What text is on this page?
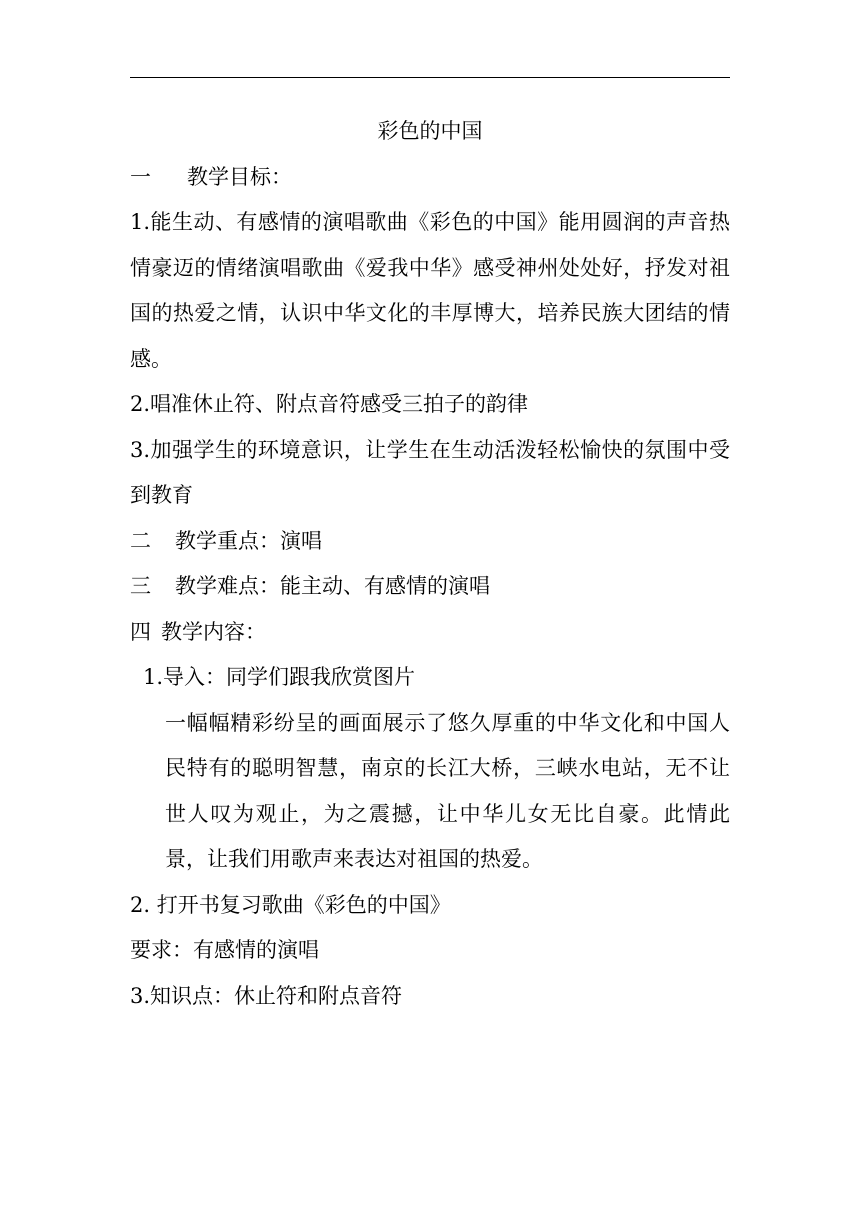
彩色的中国
一 教学目标：

1.能生动、有感情的演唱歌曲《彩色的中国》能用圆润的声音热情豪迈的情绪演唱歌曲《爱我中华》感受神州处处好，抒发对祖国的热爱之情，认识中华文化的丰厚博大，培养民族大团结的情感。

2.唱准休止符、附点音符感受三拍子的韵律

3.加强学生的环境意识，让学生在生动活泼轻松愉快的氛围中受到教育

二 教学重点：演唱
三 教学难点：能主动、有感情的演唱
四 教学内容：
1.导入：同学们跟我欣赏图片

一幅幅精彩纷呈的画面展示了悠久厚重的中华文化和中国人民特有的聪明智慧，南京的长江大桥，三峡水电站，无不让世人叹为观止，为之震撼，让中华儿女无比自豪。此情此景，让我们用歌声来表达对祖国的热爱。

2. 打开书复习歌曲《彩色的中国》
要求：有感情的演唱
3.知识点：休止符和附点音符
